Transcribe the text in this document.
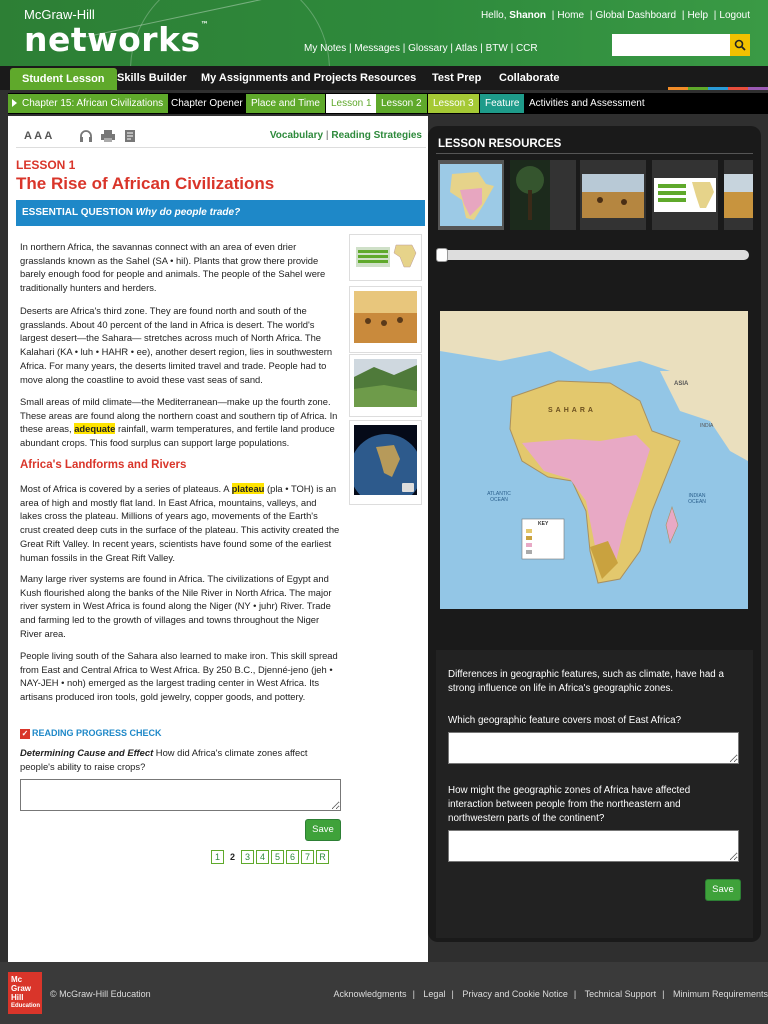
McGraw-Hill
networks™
Hello, Shanon | Home | Global Dashboard | Help | Logout
My Notes | Messages | Glossary | Atlas | BTW | CCR
Student Lesson	Skills Builder My Assignments and Projects Resources Test Prep Collaborate
Chapter 15: African Civilizations Chapter Opener Place and Time	Lesson 1 Lesson 2	Lesson 3	Feature Activities and Assessment
A A A	Vocabulary | Reading Strategies
LESSON 1
The Rise of African Civilizations
ESSENTIAL QUESTION Why do people trade?
In northern Africa, the savannas connect with an area of even drier grasslands known as the Sahel (SA • hil). Plants that grow there provide barely enough food for people and animals. The people of the Sahel were traditionally hunters and herders.
Deserts are Africa's third zone. They are found north and south of the grasslands. About 40 percent of the land in Africa is desert. The world's largest desert—the Sahara— stretches across much of North Africa. The Kalahari (KA • luh • HAHR • ee), another desert region, lies in southwestern Africa. For many years, the deserts limited travel and trade. People had to move along the coastline to avoid these vast seas of sand.
Small areas of mild climate—the Mediterranean—make up the fourth zone. These areas are found along the northern coast and southern tip of Africa. In these areas, adequate rainfall, warm temperatures, and fertile land produce abundant crops. This food surplus can support large populations.
Africa's Landforms and Rivers
Most of Africa is covered by a series of plateaus. A plateau (pla • TOH) is an area of high and mostly flat land. In East Africa, mountains, valleys, and lakes cross the plateau. Millions of years ago, movements of the Earth's crust created deep cuts in the surface of the plateau. This activity created the Great Rift Valley. In recent years, scientists have found some of the earliest human fossils in the Great Rift Valley.
Many large river systems are found in Africa. The civilizations of Egypt and Kush flourished along the banks of the Nile River in North Africa. The major river system in West Africa is found along the Niger (NY • juhr) River. Trade and farming led to the growth of villages and towns throughout the Niger River area.
People living south of the Sahara also learned to make iron. This skill spread from East and Central Africa to West Africa. By 250 B.C., Djenné-jeno (jeh • NAY-JEH • noh) emerged as the largest trading center in West Africa. Its artisans produced iron tools, gold jewelry, copper goods, and pottery.
✓ READING PROGRESS CHECK
Determining Cause and Effect How did Africa's climate zones affect people's ability to raise crops?
Save
1 2 3 4 5 6 7 R
LESSON RESOURCES
ASIA
SAHARA
ATLANTIC OCEAN
INDIAN OCEAN
INDIA
KEY
Differences in geographic features, such as climate, have had a strong influence on life in Africa's geographic zones.
Which geographic feature covers most of East Africa?
How might the geographic zones of Africa have affected interaction between people from the northeastern and northwestern parts of the continent?
Save
Mc
Graw
Hill
Education
© McGraw-Hill Education	Acknowledgments | Legal | Privacy and Cookie Notice | Technical Support | Minimum Requirements
